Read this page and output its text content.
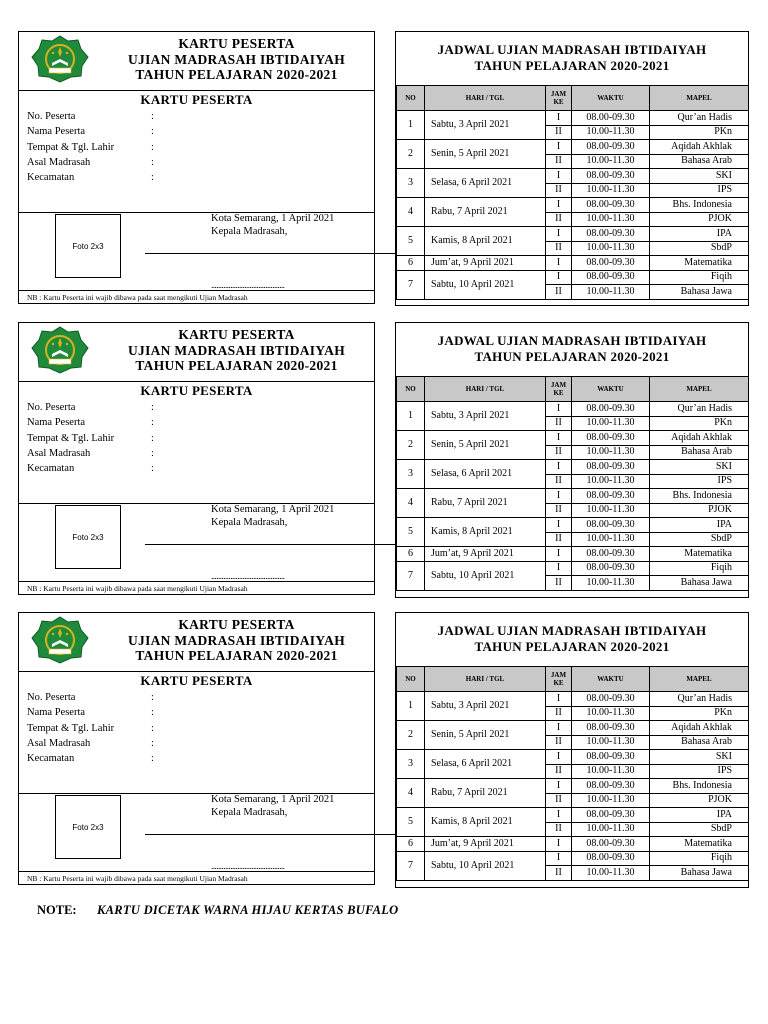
KARTU PESERTA
UJIAN MADRASAH IBTIDAIYAH
TAHUN PELAJARAN 2020-2021
KARTU PESERTA
No. Peserta	:
Nama Peserta	:
Tempat & Tgl. Lahir	:
Asal Madrasah	:
Kecamatan	:
Foto 2x3
Kota Semarang, 1 April 2021
Kepala Madrasah,
..........................................
NB : Kartu Peserta ini wajib dibawa pada saat mengikuti Ujian Madrasah
JADWAL UJIAN MADRASAH IBTIDAIYAH
TAHUN PELAJARAN 2020-2021
NO	HARI / TGL	JAM KE	WAKTU	MAPEL
1	Sabtu, 3 April 2021	I	08.00-09.30	Qur’an Hadis
		II	10.00-11.30	PKn
2	Senin, 5 April 2021	I	08.00-09.30	Aqidah Akhlak
		II	10.00-11.30	Bahasa Arab
3	Selasa, 6 April 2021	I	08.00-09.30	SKI
		II	10.00-11.30	IPS
4	Rabu, 7 April 2021	I	08.00-09.30	Bhs. Indonesia
		II	10.00-11.30	PJOK
5	Kamis, 8 April 2021	I	08.00-09.30	IPA
		II	10.00-11.30	SbdP
6	Jum’at, 9 April 2021	I	08.00-09.30	Matematika
7	Sabtu, 10 April 2021	I	08.00-09.30	Fiqih
		II	10.00-11.30	Bahasa Jawa
KARTU PESERTA
UJIAN MADRASAH IBTIDAIYAH
TAHUN PELAJARAN 2020-2021
KARTU PESERTA
No. Peserta	:
Nama Peserta	:
Tempat & Tgl. Lahir	:
Asal Madrasah	:
Kecamatan	:
Foto 2x3
Kota Semarang, 1 April 2021
Kepala Madrasah,
..........................................
NB : Kartu Peserta ini wajib dibawa pada saat mengikuti Ujian Madrasah
JADWAL UJIAN MADRASAH IBTIDAIYAH
TAHUN PELAJARAN 2020-2021
NO	HARI / TGL	JAM KE	WAKTU	MAPEL
1	Sabtu, 3 April 2021	I	08.00-09.30	Qur’an Hadis
		II	10.00-11.30	PKn
2	Senin, 5 April 2021	I	08.00-09.30	Aqidah Akhlak
		II	10.00-11.30	Bahasa Arab
3	Selasa, 6 April 2021	I	08.00-09.30	SKI
		II	10.00-11.30	IPS
4	Rabu, 7 April 2021	I	08.00-09.30	Bhs. Indonesia
		II	10.00-11.30	PJOK
5	Kamis, 8 April 2021	I	08.00-09.30	IPA
		II	10.00-11.30	SbdP
6	Jum’at, 9 April 2021	I	08.00-09.30	Matematika
7	Sabtu, 10 April 2021	I	08.00-09.30	Fiqih
		II	10.00-11.30	Bahasa Jawa
KARTU PESERTA
UJIAN MADRASAH IBTIDAIYAH
TAHUN PELAJARAN 2020-2021
KARTU PESERTA
No. Peserta	:
Nama Peserta	:
Tempat & Tgl. Lahir	:
Asal Madrasah	:
Kecamatan	:
Foto 2x3
Kota Semarang, 1 April 2021
Kepala Madrasah,
..........................................
NB : Kartu Peserta ini wajib dibawa pada saat mengikuti Ujian Madrasah
JADWAL UJIAN MADRASAH IBTIDAIYAH
TAHUN PELAJARAN 2020-2021
NO	HARI / TGL	JAM KE	WAKTU	MAPEL
1	Sabtu, 3 April 2021	I	08.00-09.30	Qur’an Hadis
		II	10.00-11.30	PKn
2	Senin, 5 April 2021	I	08.00-09.30	Aqidah Akhlak
		II	10.00-11.30	Bahasa Arab
3	Selasa, 6 April 2021	I	08.00-09.30	SKI
		II	10.00-11.30	IPS
4	Rabu, 7 April 2021	I	08.00-09.30	Bhs. Indonesia
		II	10.00-11.30	PJOK
5	Kamis, 8 April 2021	I	08.00-09.30	IPA
		II	10.00-11.30	SbdP
6	Jum’at, 9 April 2021	I	08.00-09.30	Matematika
7	Sabtu, 10 April 2021	I	08.00-09.30	Fiqih
		II	10.00-11.30	Bahasa Jawa
NOTE: KARTU DICETAK WARNA HIJAU KERTAS BUFALO
